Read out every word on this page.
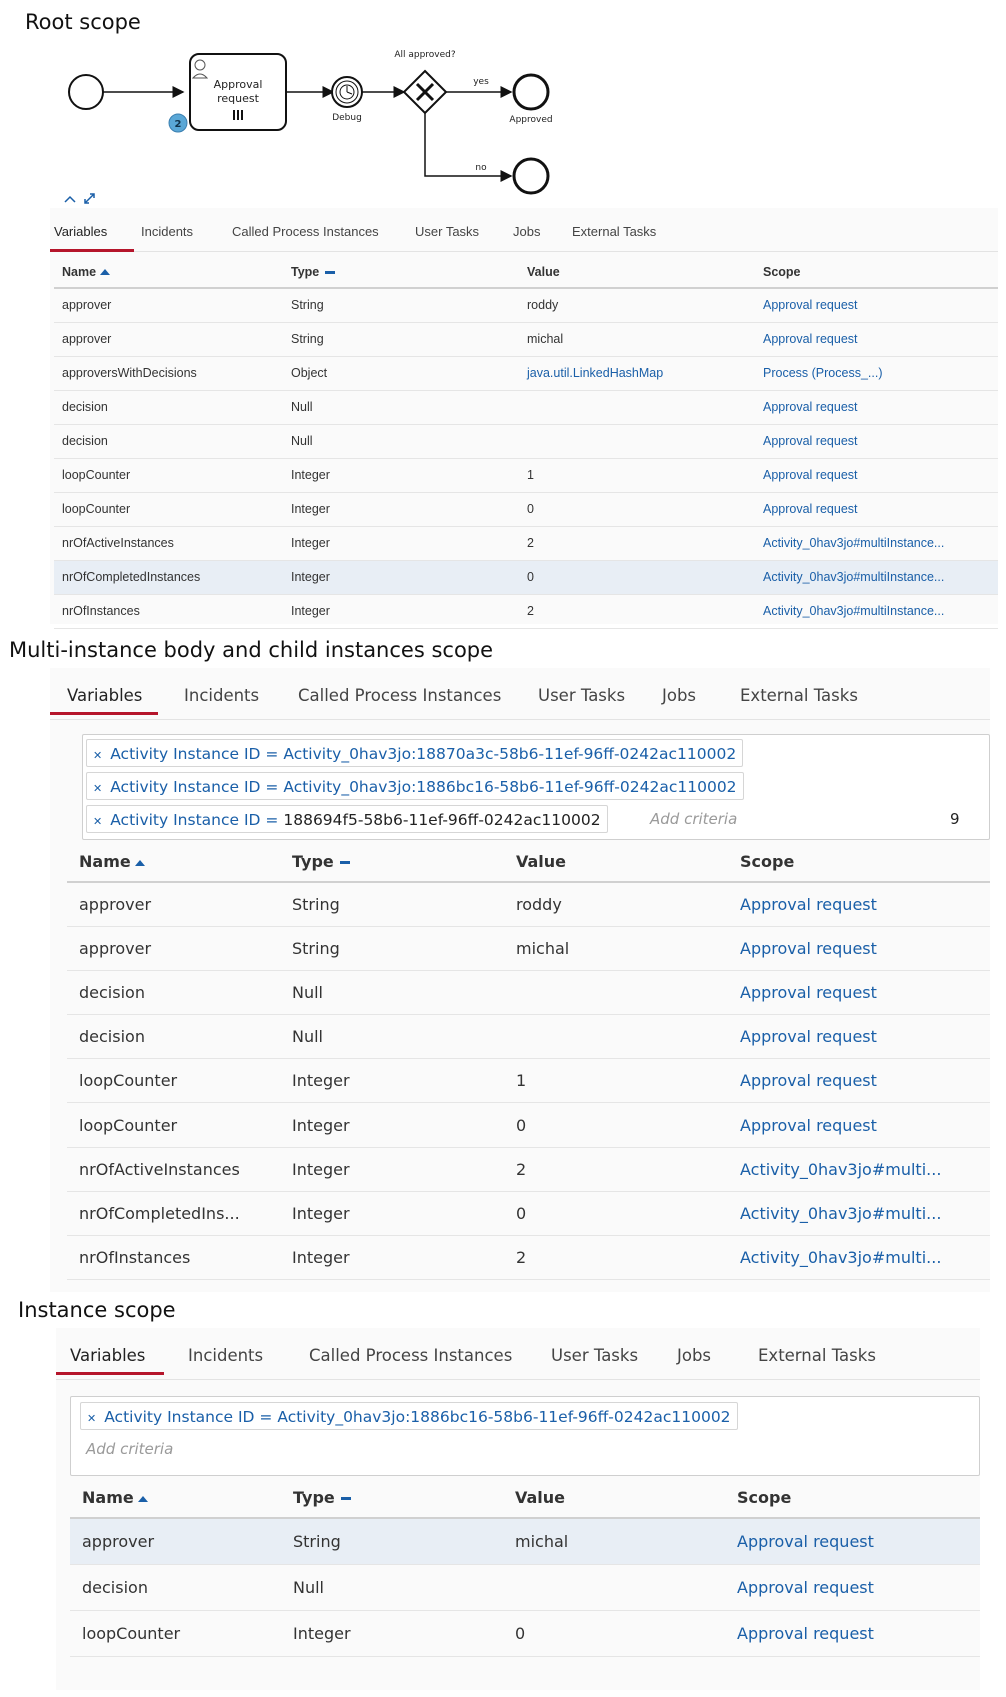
Root scope
Approval
request
2
Debug
All approved?
yes
no
Approved
Variables	Incidents	Called Process Instances	User Tasks	Jobs External Tasks
Name	Type	Value	Scope
approver	String	roddy	Approval request
approver	String	michal	Approval request
approversWithDecisions	Object	java.util.LinkedHashMap	Process (Process_...)
decision	Null		Approval request
decision	Null		Approval request
loopCounter	Integer	1	Approval request
loopCounter	Integer	0	Approval request
nrOfActiveInstances	Integer	2	Activity_0hav3jo#multiInstance...
nrOfCompletedInstances	Integer	0	Activity_0hav3jo#multiInstance...
nrOfInstances	Integer	2	Activity_0hav3jo#multiInstance...
Multi-instance body and child instances scope
Variables	Incidents Called Process Instances User Tasks Jobs	External Tasks
✕ Activity Instance ID = Activity_0hav3jo:18870a3c-58b6-11ef-96ff-0242ac110002
✕ Activity Instance ID = Activity_0hav3jo:1886bc16-58b6-11ef-96ff-0242ac110002
✕ Activity Instance ID = 188694f5-58b6-11ef-96ff-0242ac110002	Add criteria	9
Name	Type	Value	Scope
approver	String	roddy	Approval request
approver	String	michal	Approval request
decision	Null		Approval request
decision	Null		Approval request
loopCounter	Integer	1	Approval request
loopCounter	Integer	0	Approval request
nrOfActiveInstances	Integer	2	Activity_0hav3jo#multi...
nrOfCompletedIns...	Integer	0	Activity_0hav3jo#multi...
nrOfInstances	Integer	2	Activity_0hav3jo#multi...
Instance scope
Variables	Incidents	Called Process Instances User Tasks Jobs	External Tasks
✕ Activity Instance ID = Activity_0hav3jo:1886bc16-58b6-11ef-96ff-0242ac110002
Add criteria
Name	Type	Value	Scope
approver	String	michal	Approval request
decision	Null		Approval request
loopCounter	Integer	0	Approval request
